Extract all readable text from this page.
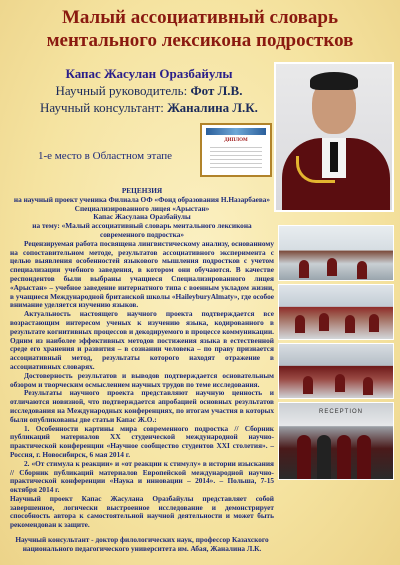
Малый ассоциативный словарь
ментального лексикона подростков
Капас Жасулан Оразбайулы
Научный руководитель: Фот Л.В.
Научный консультант: Жаналина Л.К.
ДИПЛОМ
1-е место в Областном этапе
РЕЦЕНЗИЯ
на научный проект ученика Филиала ОФ «Фонд образования Н.Назарбаева»
Специализированного лицея «Арыстан»
Капас Жасулана Оразбайулы
на тему: «Малый ассоциативный словарь ментального лексикона современного подростка»

Рецензируемая работа посвящена лингвистическому анализу, основанному на сопоставительном методе, результатов ассоциативного эксперимента с целью выявления особенностей языкового мышления подростков с учетом специализации учебного заведения, в котором они обучаются. В качестве респондентов были выбраны учащиеся Специализированного лицея «Арыстан» – учебное заведение интернатного типа с военным укладом жизни, в учащиеся Международной британской школы «HaileyburyAlmaty», где особое внимание уделяется изучению языков.

Актуальность настоящего научного проекта подтверждается все возрастающим интересом ученых к изучению языка, кодированного в результате когнитивных процессов и декодируемого в процессе коммуникации. Одним из наиболее эффективных методов постижения языка в естественной среде его хранения и развития – в сознании человека – по праву признается ассоциативный метод, результаты которого находят отражение в ассоциативных словарях.

Достоверность результатов и выводов подтверждается основательным обзором и творческим осмыслением научных трудов по теме исследования.

Результаты научного проекта представляют научную ценность и отличаются новизной, что подтверждается апробацией основных результатов исследования на Международных конференциях, по итогам участия в которых были опубликованы две статьи Капас Ж.О.:

1. Особенности картины мира современного подростка // Сборник публикаций материалов XX студенческой международной научно-практической конференции «Научное сообщество студентов XXI столетия». – Россия, г. Новосибирск, 6 мая 2014 г.

2. «От стимула к реакции» и «от реакции к стимулу» в истории изыскания // Сборник публикаций материалов Европейской международной научно-практической конференции «Наука и инновации – 2014». – Польша, 7-15 октября 2014 г.

Научный проект Капас Жасулана Оразбайулы представляет собой завершенное, логически выстроенное исследование и демонстрирует способность автора к самостоятельной научной деятельности и может быть рекомендован к защите.

Научный консультант - доктор филологических наук, профессор Казахского национального педагогического университета им. Абая, Жаналина Л.К.

RECEPTION
